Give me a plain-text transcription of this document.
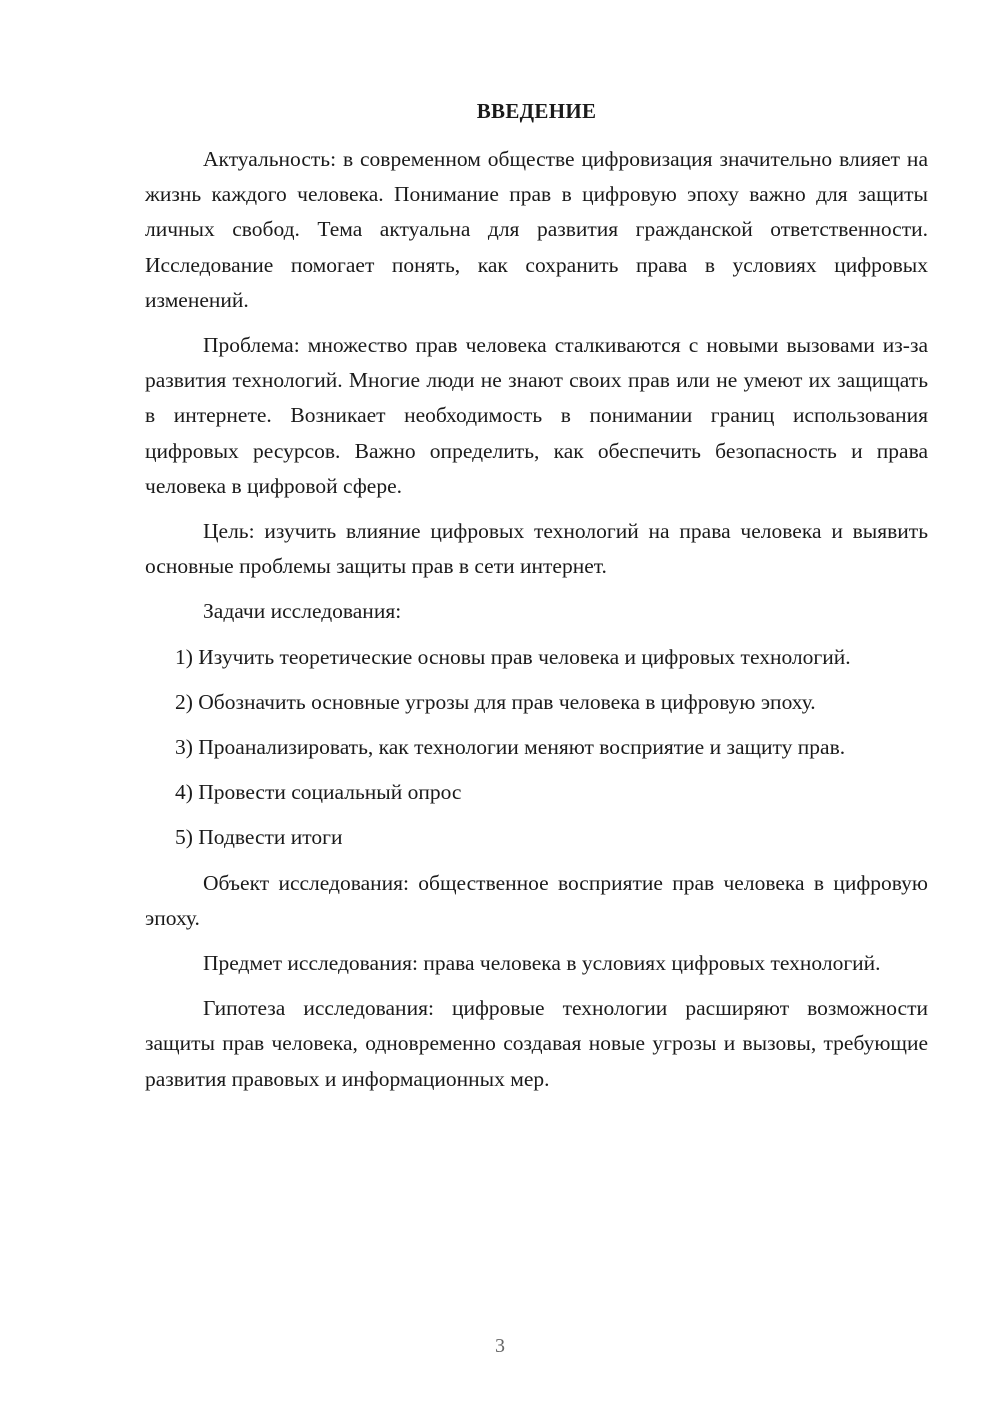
ВВЕДЕНИЕ

Актуальность: в современном обществе цифровизация значительно влияет на жизнь каждого человека. Понимание прав в цифровую эпоху важно для защиты личных свобод. Тема актуальна для развития гражданской ответственности. Исследование помогает понять, как сохранить права в условиях цифровых изменений.

Проблема: множество прав человека сталкиваются с новыми вызовами из-за развития технологий. Многие люди не знают своих прав или не умеют их защищать в интернете. Возникает необходимость в понимании границ использования цифровых ресурсов. Важно определить, как обеспечить безопасность и права человека в цифровой сфере.

Цель: изучить влияние цифровых технологий на права человека и выявить основные проблемы защиты прав в сети интернет.

Задачи исследования:

1) Изучить теоретические основы прав человека и цифровых технологий.

2) Обозначить основные угрозы для прав человека в цифровую эпоху.

3) Проанализировать, как технологии меняют восприятие и защиту прав.

4) Провести социальный опрос

5) Подвести итоги

Объект исследования: общественное восприятие прав человека в цифровую эпоху.

Предмет исследования: права человека в условиях цифровых технологий.

Гипотеза исследования: цифровые технологии расширяют возможности защиты прав человека, одновременно создавая новые угрозы и вызовы, требующие развития правовых и информационных мер.

3
